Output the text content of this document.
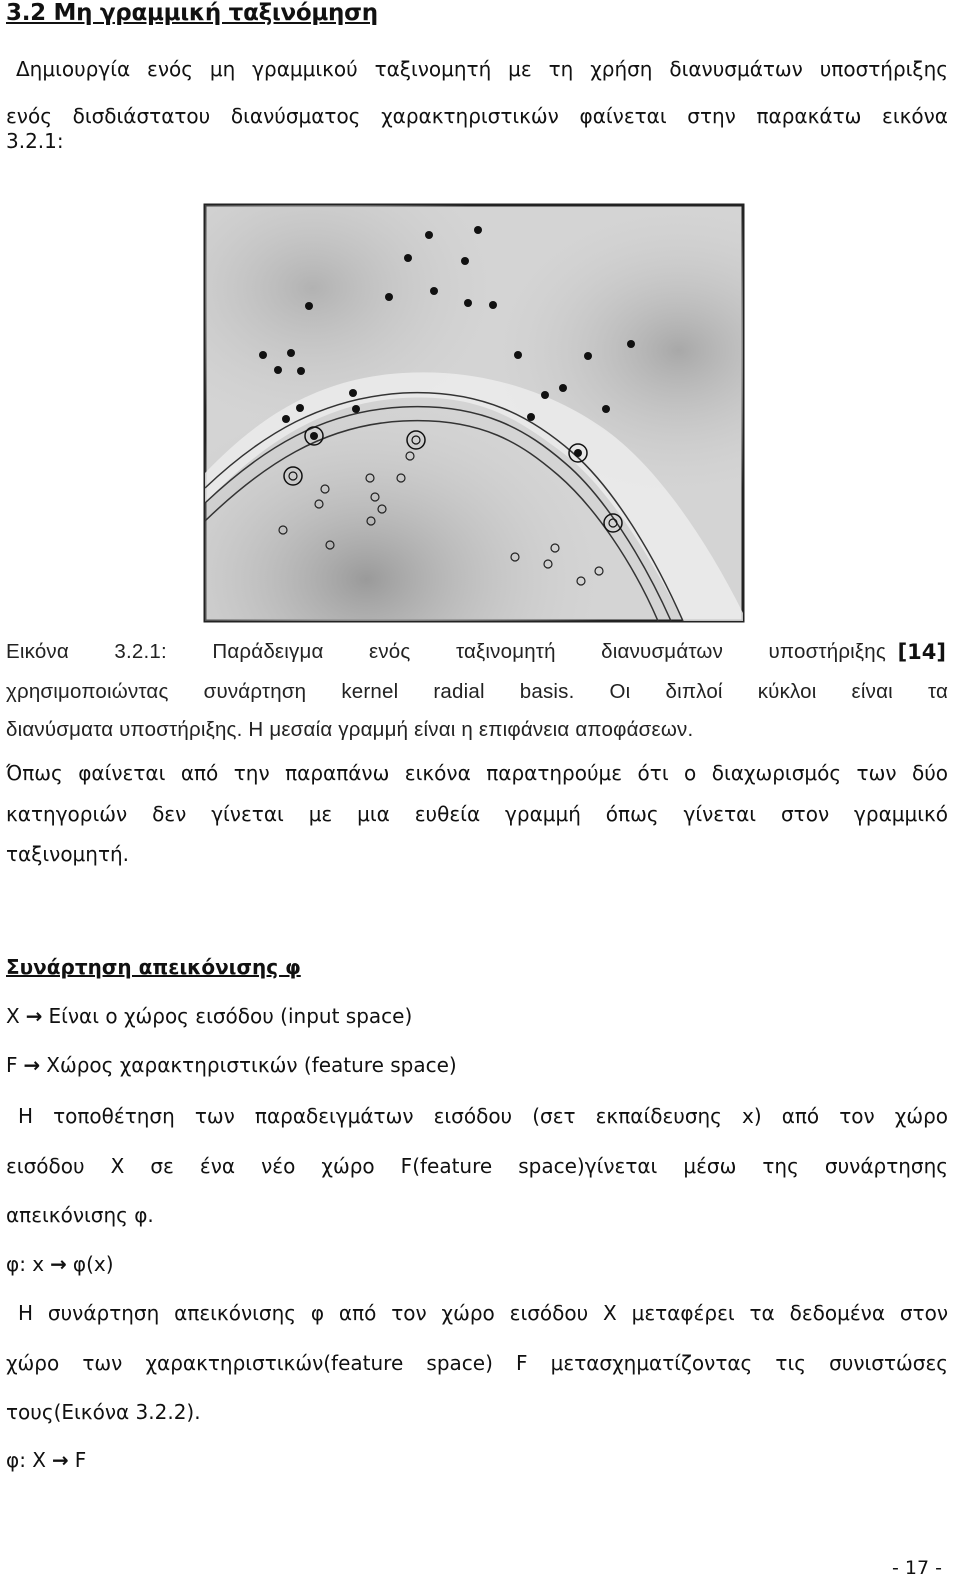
3.2 Μη γραμμική ταξινόμηση
Δημιουργία ενός μη γραμμικού ταξινομητή με τη χρήση διανυσμάτων υποστήριξης
ενός δισδιάστατου διανύσματος χαρακτηριστικών φαίνεται στην παρακάτω εικόνα
3.2.1:
Εικόνα 3.2.1: Παράδειγμα ενός ταξινομητή διανυσμάτων υποστήριξης [14]
χρησιμοποιώντας συνάρτηση kernel radial basis. Οι διπλοί κύκλοι είναι τα
διανύσματα υποστήριξης. Η μεσαία γραμμή είναι η επιφάνεια αποφάσεων.
Όπως φαίνεται από την παραπάνω εικόνα παρατηρούμε ότι ο διαχωρισμός των δύο
κατηγοριών δεν γίνεται με μια ευθεία γραμμή όπως γίνεται στον γραμμικό
ταξινομητή.
Συνάρτηση απεικόνισης φ
X → Είναι ο χώρος εισόδου (input space)
F → Χώρος χαρακτηριστικών (feature space)
Η τοποθέτηση των παραδειγμάτων εισόδου (σετ εκπαίδευσης x) από τον χώρο
εισόδου X σε ένα νέο χώρο F(feature space)γίνεται μέσω της συνάρτησης
απεικόνισης φ.
φ: x → φ(x)
Η συνάρτηση απεικόνισης φ από τον χώρο εισόδου X μεταφέρει τα δεδομένα στον
χώρο των χαρακτηριστικών(feature space) F μετασχηματίζοντας τις συνιστώσες
τους(Εικόνα 3.2.2).
φ: X → F
- 17 -
